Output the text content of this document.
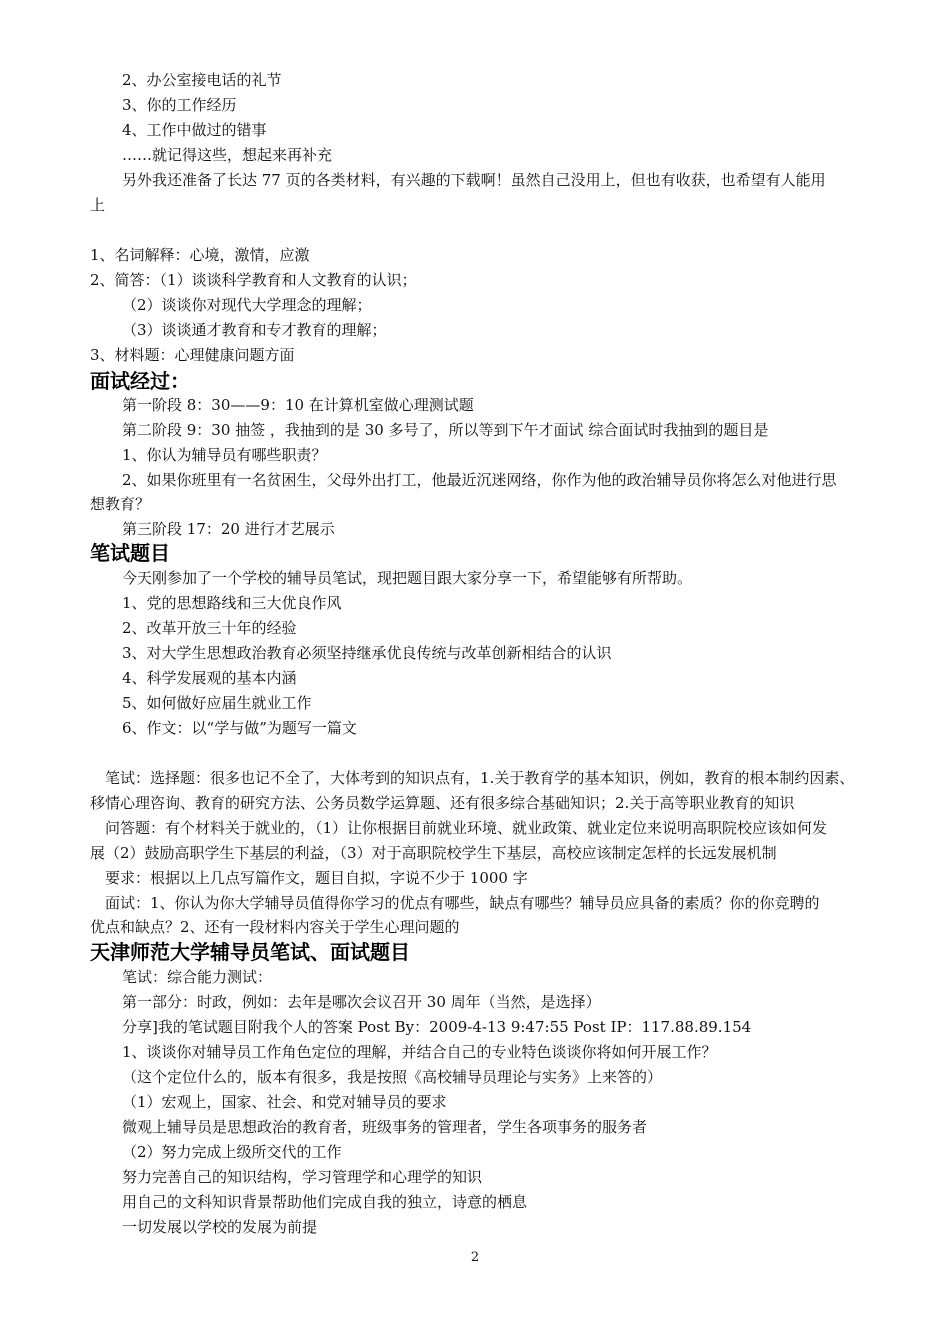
2、办公室接电话的礼节
3、你的工作经历
4、工作中做过的错事
……就记得这些，想起来再补充
另外我还准备了长达 77 页的各类材料，有兴趣的下载啊！虽然自己没用上，但也有收获，也希望有人能用
上
1、名词解释：心境，激情，应激
2、简答：（1）谈谈科学教育和人文教育的认识；
（2）谈谈你对现代大学理念的理解；
（3）谈谈通才教育和专才教育的理解；
3、材料题：心理健康问题方面
面试经过：
第一阶段 8：30——9：10 在计算机室做心理测试题
第二阶段 9：30 抽签 ，我抽到的是 30 多号了，所以等到下午才面试 综合面试时我抽到的题目是
1、你认为辅导员有哪些职责？
2、如果你班里有一名贫困生，父母外出打工，他最近沉迷网络，你作为他的政治辅导员你将怎么对他进行思
想教育？
第三阶段 17：20 进行才艺展示
笔试题目
今天刚参加了一个学校的辅导员笔试，现把题目跟大家分享一下，希望能够有所帮助。
1、党的思想路线和三大优良作风
2、改革开放三十年的经验
3、对大学生思想政治教育必须坚持继承优良传统与改革创新相结合的认识
4、科学发展观的基本内涵
5、如何做好应届生就业工作
6、作文：以“学与做”为题写一篇文
笔试：选择题：很多也记不全了，大体考到的知识点有，1.关于教育学的基本知识，例如，教育的根本制约因素、
移情心理咨询、教育的研究方法、公务员数学运算题、还有很多综合基础知识；2.关于高等职业教育的知识
问答题：有个材料关于就业的，（1）让你根据目前就业环境、就业政策、就业定位来说明高职院校应该如何发
展（2）鼓励高职学生下基层的利益，（3）对于高职院校学生下基层，高校应该制定怎样的长远发展机制
要求：根据以上几点写篇作文，题目自拟，字说不少于 1000 字
面试：1、你认为你大学辅导员值得你学习的优点有哪些，缺点有哪些？辅导员应具备的素质？你的你竞聘的
优点和缺点？2、还有一段材料内容关于学生心理问题的
天津师范大学辅导员笔试、面试题目
笔试：综合能力测试：
第一部分：时政，例如：去年是哪次会议召开 30 周年（当然，是选择）
分享]我的笔试题目附我个人的答案 Post By：2009-4-13 9:47:55 Post IP：117.88.89.154
1、谈谈你对辅导员工作角色定位的理解，并结合自己的专业特色谈谈你将如何开展工作？
（这个定位什么的，版本有很多，我是按照《高校辅导员理论与实务》上来答的）
（1）宏观上，国家、社会、和党对辅导员的要求
微观上辅导员是思想政治的教育者，班级事务的管理者，学生各项事务的服务者
（2）努力完成上级所交代的工作
努力完善自己的知识结构，学习管理学和心理学的知识
用自己的文科知识背景帮助他们完成自我的独立，诗意的栖息
一切发展以学校的发展为前提
2
